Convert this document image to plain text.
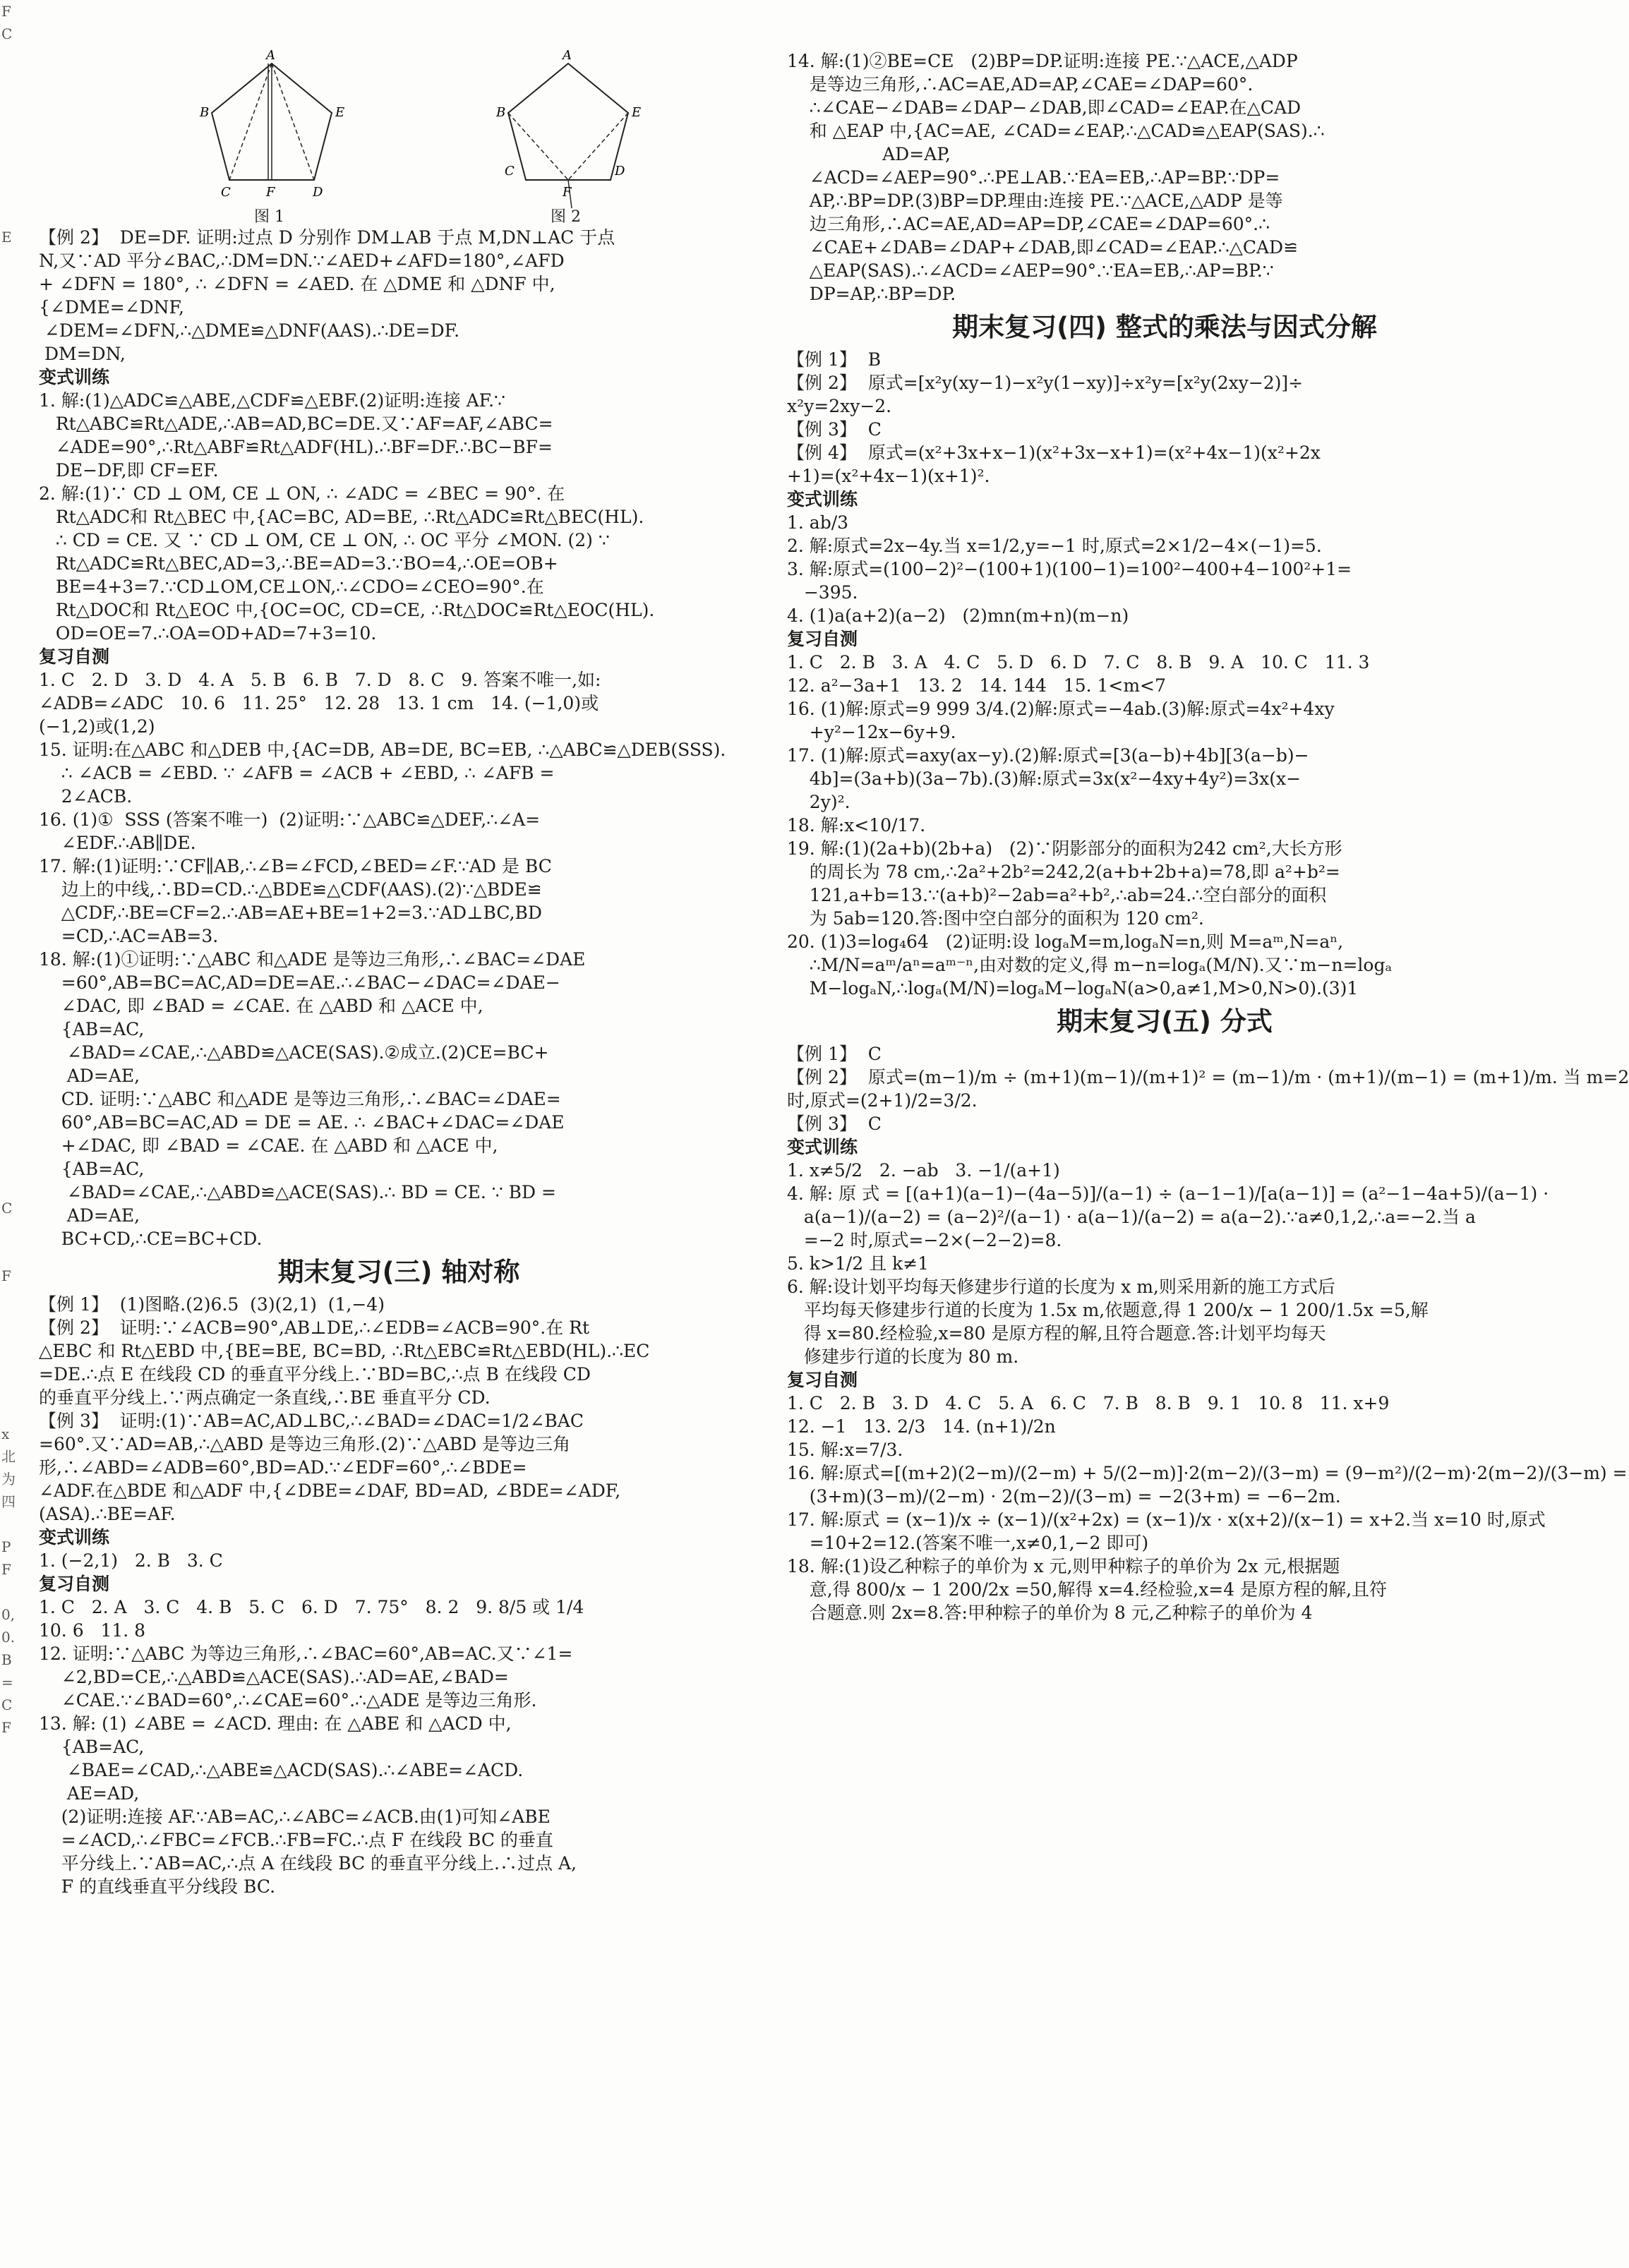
F
C

E

C

F

x
北
为
四

P
F

0,
0.
B
=
C
F
A
B	E
C	F	D
图 1
A
B	E
C
F
D
图 2
【例 2】  DE=DF. 证明:过点 D 分别作 DM⊥AB 于点 M,DN⊥AC 于点
N,又∵AD 平分∠BAC,∴DM=DN.∵∠AED+∠AFD=180°,∠AFD
+ ∠DFN = 180°, ∴ ∠DFN = ∠AED. 在 △DME 和 △DNF 中,
{∠DME=∠DNF,
∠DEM=∠DFN,∴△DME≌△DNF(AAS).∴DE=DF.
DM=DN,
变式训练
1. 解:(1)△ADC≌△ABE,△CDF≌△EBF.(2)证明:连接 AF.∵
Rt△ABC≌Rt△ADE,∴AB=AD,BC=DE.又∵AF=AF,∠ABC=
∠ADE=90°,∴Rt△ABF≌Rt△ADF(HL).∴BF=DF.∴BC−BF=
DE−DF,即 CF=EF.
2. 解:(1)∵ CD ⊥ OM, CE ⊥ ON, ∴ ∠ADC = ∠BEC = 90°. 在
Rt△ADC和 Rt△BEC 中,{AC=BC, AD=BE, ∴Rt△ADC≌Rt△BEC(HL).
∴ CD = CE. 又 ∵ CD ⊥ OM, CE ⊥ ON, ∴ OC 平分 ∠MON. (2) ∵
Rt△ADC≌Rt△BEC,AD=3,∴BE=AD=3.∵BO=4,∴OE=OB+
BE=4+3=7.∵CD⊥OM,CE⊥ON,∴∠CDO=∠CEO=90°.在
Rt△DOC和 Rt△EOC 中,{OC=OC, CD=CE, ∴Rt△DOC≌Rt△EOC(HL).
OD=OE=7.∴OA=OD+AD=7+3=10.
复习自测
1. C   2. D   3. D   4. A   5. B   6. B   7. D   8. C   9. 答案不唯一,如:
∠ADB=∠ADC   10. 6   11. 25°   12. 28   13. 1 cm   14. (−1,0)或
(−1,2)或(1,2)
15. 证明:在△ABC 和△DEB 中,{AC=DB, AB=DE, BC=EB, ∴△ABC≌△DEB(SSS).
∴ ∠ACB = ∠EBD. ∵ ∠AFB = ∠ACB + ∠EBD, ∴ ∠AFB =
2∠ACB.
16. (1)①  SSS (答案不唯一)  (2)证明:∵△ABC≌△DEF,∴∠A=
∠EDF.∴AB∥DE.
17. 解:(1)证明:∵CF∥AB,∴∠B=∠FCD,∠BED=∠F.∵AD 是 BC
边上的中线,∴BD=CD.∴△BDE≌△CDF(AAS).(2)∵△BDE≌
△CDF,∴BE=CF=2.∴AB=AE+BE=1+2=3.∵AD⊥BC,BD
=CD,∴AC=AB=3.
18. 解:(1)①证明:∵△ABC 和△ADE 是等边三角形,∴∠BAC=∠DAE
=60°,AB=BC=AC,AD=DE=AE.∴∠BAC−∠DAC=∠DAE−
∠DAC, 即 ∠BAD = ∠CAE. 在 △ABD 和 △ACE 中,
{AB=AC,
∠BAD=∠CAE,∴△ABD≌△ACE(SAS).②成立.(2)CE=BC+
AD=AE,
CD. 证明:∵△ABC 和△ADE 是等边三角形,∴∠BAC=∠DAE=
60°,AB=BC=AC,AD = DE = AE. ∴ ∠BAC+∠DAC=∠DAE
+∠DAC, 即 ∠BAD = ∠CAE. 在 △ABD 和 △ACE 中,
{AB=AC,
∠BAD=∠CAE,∴△ABD≌△ACE(SAS).∴ BD = CE. ∵ BD =
AD=AE,
BC+CD,∴CE=BC+CD.
期末复习(三) 轴对称
【例 1】  (1)图略.(2)6.5  (3)(2,1)  (1,−4)
【例 2】  证明:∵∠ACB=90°,AB⊥DE,∴∠EDB=∠ACB=90°.在 Rt
△EBC 和 Rt△EBD 中,{BE=BE, BC=BD, ∴Rt△EBC≌Rt△EBD(HL).∴EC
=DE.∴点 E 在线段 CD 的垂直平分线上.∵BD=BC,∴点 B 在线段 CD
的垂直平分线上.∵两点确定一条直线,∴BE 垂直平分 CD.
【例 3】  证明:(1)∵AB=AC,AD⊥BC,∴∠BAD=∠DAC=1/2∠BAC
=60°.又∵AD=AB,∴△ABD 是等边三角形.(2)∵△ABD 是等边三角
形,∴∠ABD=∠ADB=60°,BD=AD.∵∠EDF=60°,∴∠BDE=
∠ADF.在△BDE 和△ADF 中,{∠DBE=∠DAF, BD=AD, ∠BDE=∠ADF,
(ASA).∴BE=AF.
变式训练
1. (−2,1)   2. B   3. C
复习自测
1. C   2. A   3. C   4. B   5. C   6. D   7. 75°   8. 2   9. 8/5 或 1/4
10. 6   11. 8
12. 证明:∵△ABC 为等边三角形,∴∠BAC=60°,AB=AC.又∵∠1=
∠2,BD=CE,∴△ABD≌△ACE(SAS).∴AD=AE,∠BAD=
∠CAE.∵∠BAD=60°,∴∠CAE=60°.∴△ADE 是等边三角形.
13. 解: (1) ∠ABE = ∠ACD. 理由: 在 △ABE 和 △ACD 中,
{AB=AC,
∠BAE=∠CAD,∴△ABE≌△ACD(SAS).∴∠ABE=∠ACD.
AE=AD,
(2)证明:连接 AF.∵AB=AC,∴∠ABC=∠ACB.由(1)可知∠ABE
=∠ACD,∴∠FBC=∠FCB.∴FB=FC.∴点 F 在线段 BC 的垂直
平分线上.∵AB=AC,∴点 A 在线段 BC 的垂直平分线上.∴过点 A,
F 的直线垂直平分线段 BC.
14. 解:(1)②BE=CE   (2)BP=DP.证明:连接 PE.∵△ACE,△ADP
是等边三角形,∴AC=AE,AD=AP,∠CAE=∠DAP=60°.
∴∠CAE−∠DAB=∠DAP−∠DAB,即∠CAD=∠EAP.在△CAD
和 △EAP 中,{AC=AE, ∠CAD=∠EAP,∴△CAD≌△EAP(SAS).∴
AD=AP,
∠ACD=∠AEP=90°.∴PE⊥AB.∵EA=EB,∴AP=BP.∵DP=
AP,∴BP=DP.(3)BP=DP.理由:连接 PE.∵△ACE,△ADP 是等
边三角形,∴AC=AE,AD=AP=DP,∠CAE=∠DAP=60°.∴
∠CAE+∠DAB=∠DAP+∠DAB,即∠CAD=∠EAP.∴△CAD≌
△EAP(SAS).∴∠ACD=∠AEP=90°.∵EA=EB,∴AP=BP.∵
DP=AP,∴BP=DP.
期末复习(四) 整式的乘法与因式分解
【例 1】  B
【例 2】  原式=[x²y(xy−1)−x²y(1−xy)]÷x²y=[x²y(2xy−2)]÷
x²y=2xy−2.
【例 3】  C
【例 4】  原式=(x²+3x+x−1)(x²+3x−x+1)=(x²+4x−1)(x²+2x
+1)=(x²+4x−1)(x+1)².
变式训练
1. ab/3
2. 解:原式=2x−4y.当 x=1/2,y=−1 时,原式=2×1/2−4×(−1)=5.
3. 解:原式=(100−2)²−(100+1)(100−1)=100²−400+4−100²+1=
−395.
4. (1)a(a+2)(a−2)   (2)mn(m+n)(m−n)
复习自测
1. C   2. B   3. A   4. C   5. D   6. D   7. C   8. B   9. A   10. C   11. 3
12. a²−3a+1   13. 2   14. 144   15. 1<m<7
16. (1)解:原式=9 999 3/4.(2)解:原式=−4ab.(3)解:原式=4x²+4xy
+y²−12x−6y+9.
17. (1)解:原式=axy(ax−y).(2)解:原式=[3(a−b)+4b][3(a−b)−
4b]=(3a+b)(3a−7b).(3)解:原式=3x(x²−4xy+4y²)=3x(x−
2y)².
18. 解:x<10/17.
19. 解:(1)(2a+b)(2b+a)   (2)∵阴影部分的面积为242 cm²,大长方形
的周长为 78 cm,∴2a²+2b²=242,2(a+b+2b+a)=78,即 a²+b²=
121,a+b=13.∵(a+b)²−2ab=a²+b²,∴ab=24.∴空白部分的面积
为 5ab=120.答:图中空白部分的面积为 120 cm².
20. (1)3=log₄64   (2)证明:设 logₐM=m,logₐN=n,则 M=aᵐ,N=aⁿ,
∴M/N=aᵐ/aⁿ=aᵐ⁻ⁿ,由对数的定义,得 m−n=logₐ(M/N).又∵m−n=logₐ
M−logₐN,∴logₐ(M/N)=logₐM−logₐN(a>0,a≠1,M>0,N>0).(3)1
期末复习(五) 分式
【例 1】  C
【例 2】  原式=(m−1)/m ÷ (m+1)(m−1)/(m+1)² = (m−1)/m · (m+1)/(m−1) = (m+1)/m. 当 m=2
时,原式=(2+1)/2=3/2.
【例 3】  C
变式训练
1. x≠5/2   2. −ab   3. −1/(a+1)
4. 解: 原 式 = [(a+1)(a−1)−(4a−5)]/(a−1) ÷ (a−1−1)/[a(a−1)] = (a²−1−4a+5)/(a−1) ·
a(a−1)/(a−2) = (a−2)²/(a−1) · a(a−1)/(a−2) = a(a−2).∵a≠0,1,2,∴a=−2.当 a
=−2 时,原式=−2×(−2−2)=8.
5. k>1/2 且 k≠1
6. 解:设计划平均每天修建步行道的长度为 x m,则采用新的施工方式后
平均每天修建步行道的长度为 1.5x m,依题意,得 1 200/x − 1 200/1.5x =5,解
得 x=80.经检验,x=80 是原方程的解,且符合题意.答:计划平均每天
修建步行道的长度为 80 m.
复习自测
1. C   2. B   3. D   4. C   5. A   6. C   7. B   8. B   9. 1   10. 8   11. x+9
12. −1   13. 2/3   14. (n+1)/2n
15. 解:x=7/3.
16. 解:原式=[(m+2)(2−m)/(2−m) + 5/(2−m)]·2(m−2)/(3−m) = (9−m²)/(2−m)·2(m−2)/(3−m) =
(3+m)(3−m)/(2−m) · 2(m−2)/(3−m) = −2(3+m) = −6−2m.
17. 解:原式 = (x−1)/x ÷ (x−1)/(x²+2x) = (x−1)/x · x(x+2)/(x−1) = x+2.当 x=10 时,原式
=10+2=12.(答案不唯一,x≠0,1,−2 即可)
18. 解:(1)设乙种粽子的单价为 x 元,则甲种粽子的单价为 2x 元,根据题
意,得 800/x − 1 200/2x =50,解得 x=4.经检验,x=4 是原方程的解,且符
合题意.则 2x=8.答:甲种粽子的单价为 8 元,乙种粽子的单价为 4
